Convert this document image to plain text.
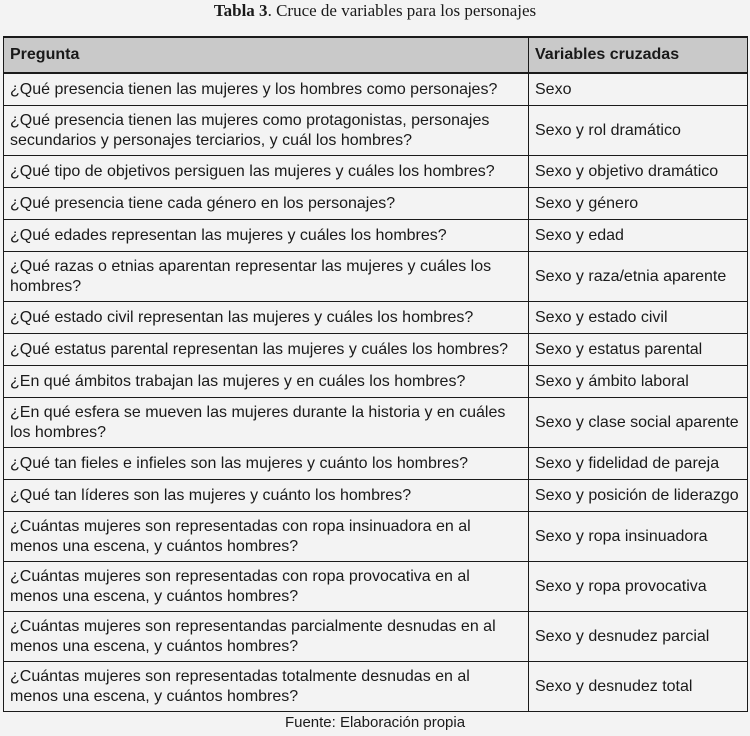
Tabla 3. Cruce de variables para los personajes
Pregunta	Variables cruzadas
¿Qué presencia tienen las mujeres y los hombres como personajes?	Sexo
¿Qué presencia tienen las mujeres como protagonistas, personajes secundarios y personajes terciarios, y cuál los hombres?	Sexo y rol dramático
¿Qué tipo de objetivos persiguen las mujeres y cuáles los hombres?	Sexo y objetivo dramático
¿Qué presencia tiene cada género en los personajes?	Sexo y género
¿Qué edades representan las mujeres y cuáles los hombres?	Sexo y edad
¿Qué razas o etnias aparentan representar las mujeres y cuáles los hombres?	Sexo y raza/etnia aparente
¿Qué estado civil representan las mujeres y cuáles los hombres?	Sexo y estado civil
¿Qué estatus parental representan las mujeres y cuáles los hombres?	Sexo y estatus parental
¿En qué ámbitos trabajan las mujeres y en cuáles los hombres?	Sexo y ámbito laboral
¿En qué esfera se mueven las mujeres durante la historia y en cuáles los hombres?	Sexo y clase social aparente
¿Qué tan fieles e infieles son las mujeres y cuánto los hombres?	Sexo y fidelidad de pareja
¿Qué tan líderes son las mujeres y cuánto los hombres?	Sexo y posición de liderazgo
¿Cuántas mujeres son representadas con ropa insinuadora en al menos una escena, y cuántos hombres?	Sexo y ropa insinuadora
¿Cuántas mujeres son representadas con ropa provocativa en al menos una escena, y cuántos hombres?	Sexo y ropa provocativa
¿Cuántas mujeres son representandas parcialmente desnudas en al menos una escena, y cuántos hombres?	Sexo y desnudez parcial
¿Cuántas mujeres son representadas totalmente desnudas en al menos una escena, y cuántos hombres?	Sexo y desnudez total
Fuente: Elaboración propia
